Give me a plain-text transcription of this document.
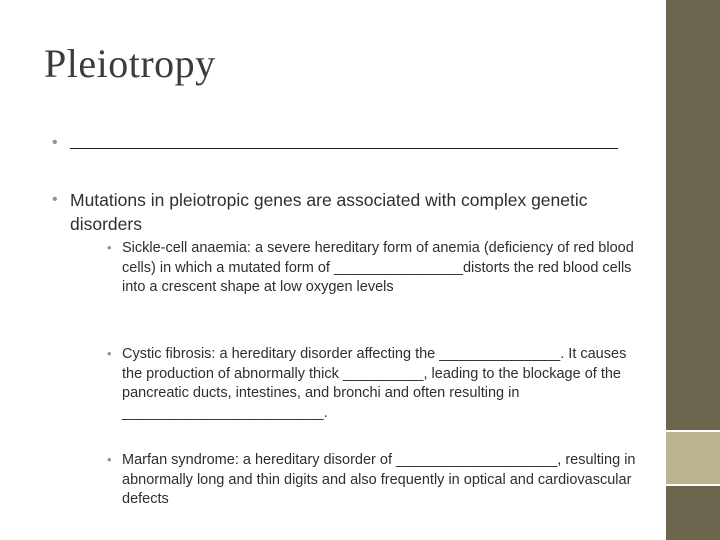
Pleiotropy
•
• Mutations in pleiotropic genes are associated with complex genetic disorders
• Sickle-cell anaemia: a severe hereditary form of anemia (deficiency of red blood cells) in which a mutated form of ________________distorts the red blood cells into a crescent shape at low oxygen levels
• Cystic fibrosis: a hereditary disorder affecting the _______________. It causes the production of abnormally thick __________, leading to the blockage of the pancreatic ducts, intestines, and bronchi and often resulting in _________________________.
• Marfan syndrome: a hereditary disorder of ____________________, resulting in abnormally long and thin digits and also frequently in optical and cardiovascular defects
